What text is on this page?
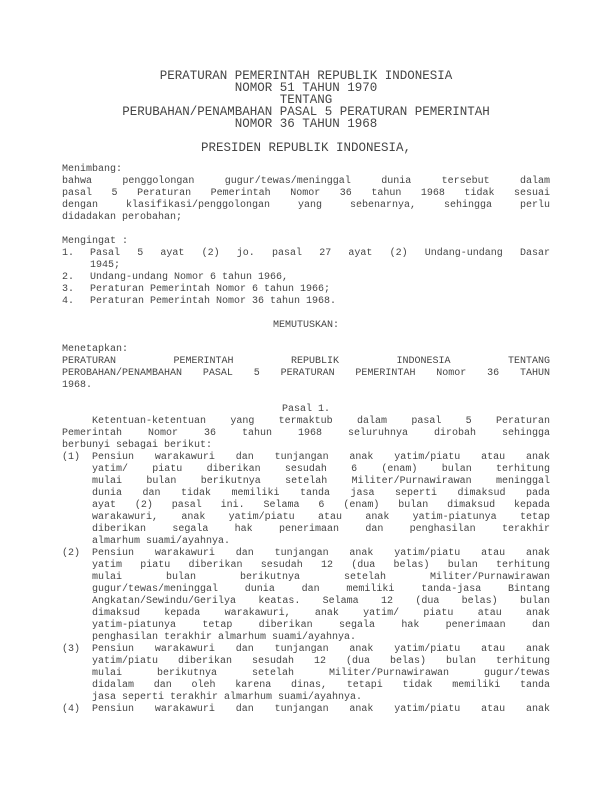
PERATURAN PEMERINTAH REPUBLIK INDONESIA
NOMOR 51 TAHUN 1970
TENTANG
PERUBAHAN/PENAMBAHAN PASAL 5 PERATURAN PEMERINTAH
NOMOR 36 TAHUN 1968
PRESIDEN REPUBLIK INDONESIA,
Menimbang:
bahwa penggolongan gugur/tewas/meninggal dunia tersebut dalam
pasal 5 Peraturan Pemerintah Nomor 36 tahun 1968 tidak sesuai
dengan klasifikasi/penggolongan yang sebenarnya, sehingga perlu
didadakan perobahan;
Mengingat :
1.	Pasal 5 ayat (2) jo. pasal 27 ayat (2) Undang-undang Dasar
1945;
2.	Undang-undang Nomor 6 tahun 1966,
3.	Peraturan Pemerintah Nomor 6 tahun 1966;
4.	Peraturan Pemerintah Nomor 36 tahun 1968.
MEMUTUSKAN:
Menetapkan:
PERATURAN PEMERINTAH REPUBLIK INDONESIA TENTANG
PEROBAHAN/PENAMBAHAN PASAL 5 PERATURAN PEMERINTAH Nomor 36 TAHUN
1968.
Pasal 1.
Ketentuan-ketentuan yang termaktub dalam pasal 5 Peraturan
Pemerintah Nomor 36 tahun 1968 seluruhnya dirobah sehingga
berbunyi sebagai berikut:
(1)	Pensiun warakawuri dan tunjangan anak yatim/piatu atau anak
yatim/ piatu diberikan sesudah 6 (enam) bulan terhitung
mulai bulan berikutnya setelah Militer/Purnawirawan meninggal
dunia dan tidak memiliki tanda jasa seperti dimaksud pada
ayat (2) pasal ini. Selama 6 (enam) bulan dimaksud kepada
warakawuri, anak yatim/piatu atau anak yatim-piatunya tetap
diberikan segala hak penerimaan dan penghasilan terakhir
almarhum suami/ayahnya.
(2)	Pensiun warakawuri dan tunjangan anak yatim/piatu atau anak
yatim piatu diberikan sesudah 12 (dua belas) bulan terhitung
mulai bulan berikutnya setelah Militer/Purnawirawan
gugur/tewas/meninggal dunia dan memiliki tanda-jasa Bintang
Angkatan/Sewindu/Gerilya keatas. Selama 12 (dua belas) bulan
dimaksud kepada warakawuri, anak yatim/ piatu atau anak
yatim-piatunya tetap diberikan segala hak penerimaan dan
penghasilan terakhir almarhum suami/ayahnya.
(3)	Pensiun warakawuri dan tunjangan anak yatim/piatu atau anak
yatim/piatu diberikan sesudah 12 (dua belas) bulan terhitung
mulai berikutnya setelah Militer/Purnawirawan gugur/tewas
didalam dan oleh karena dinas, tetapi tidak memiliki tanda
jasa seperti terakhir almarhum suami/ayahnya.
(4)	Pensiun warakawuri dan tunjangan anak yatim/piatu atau anak
